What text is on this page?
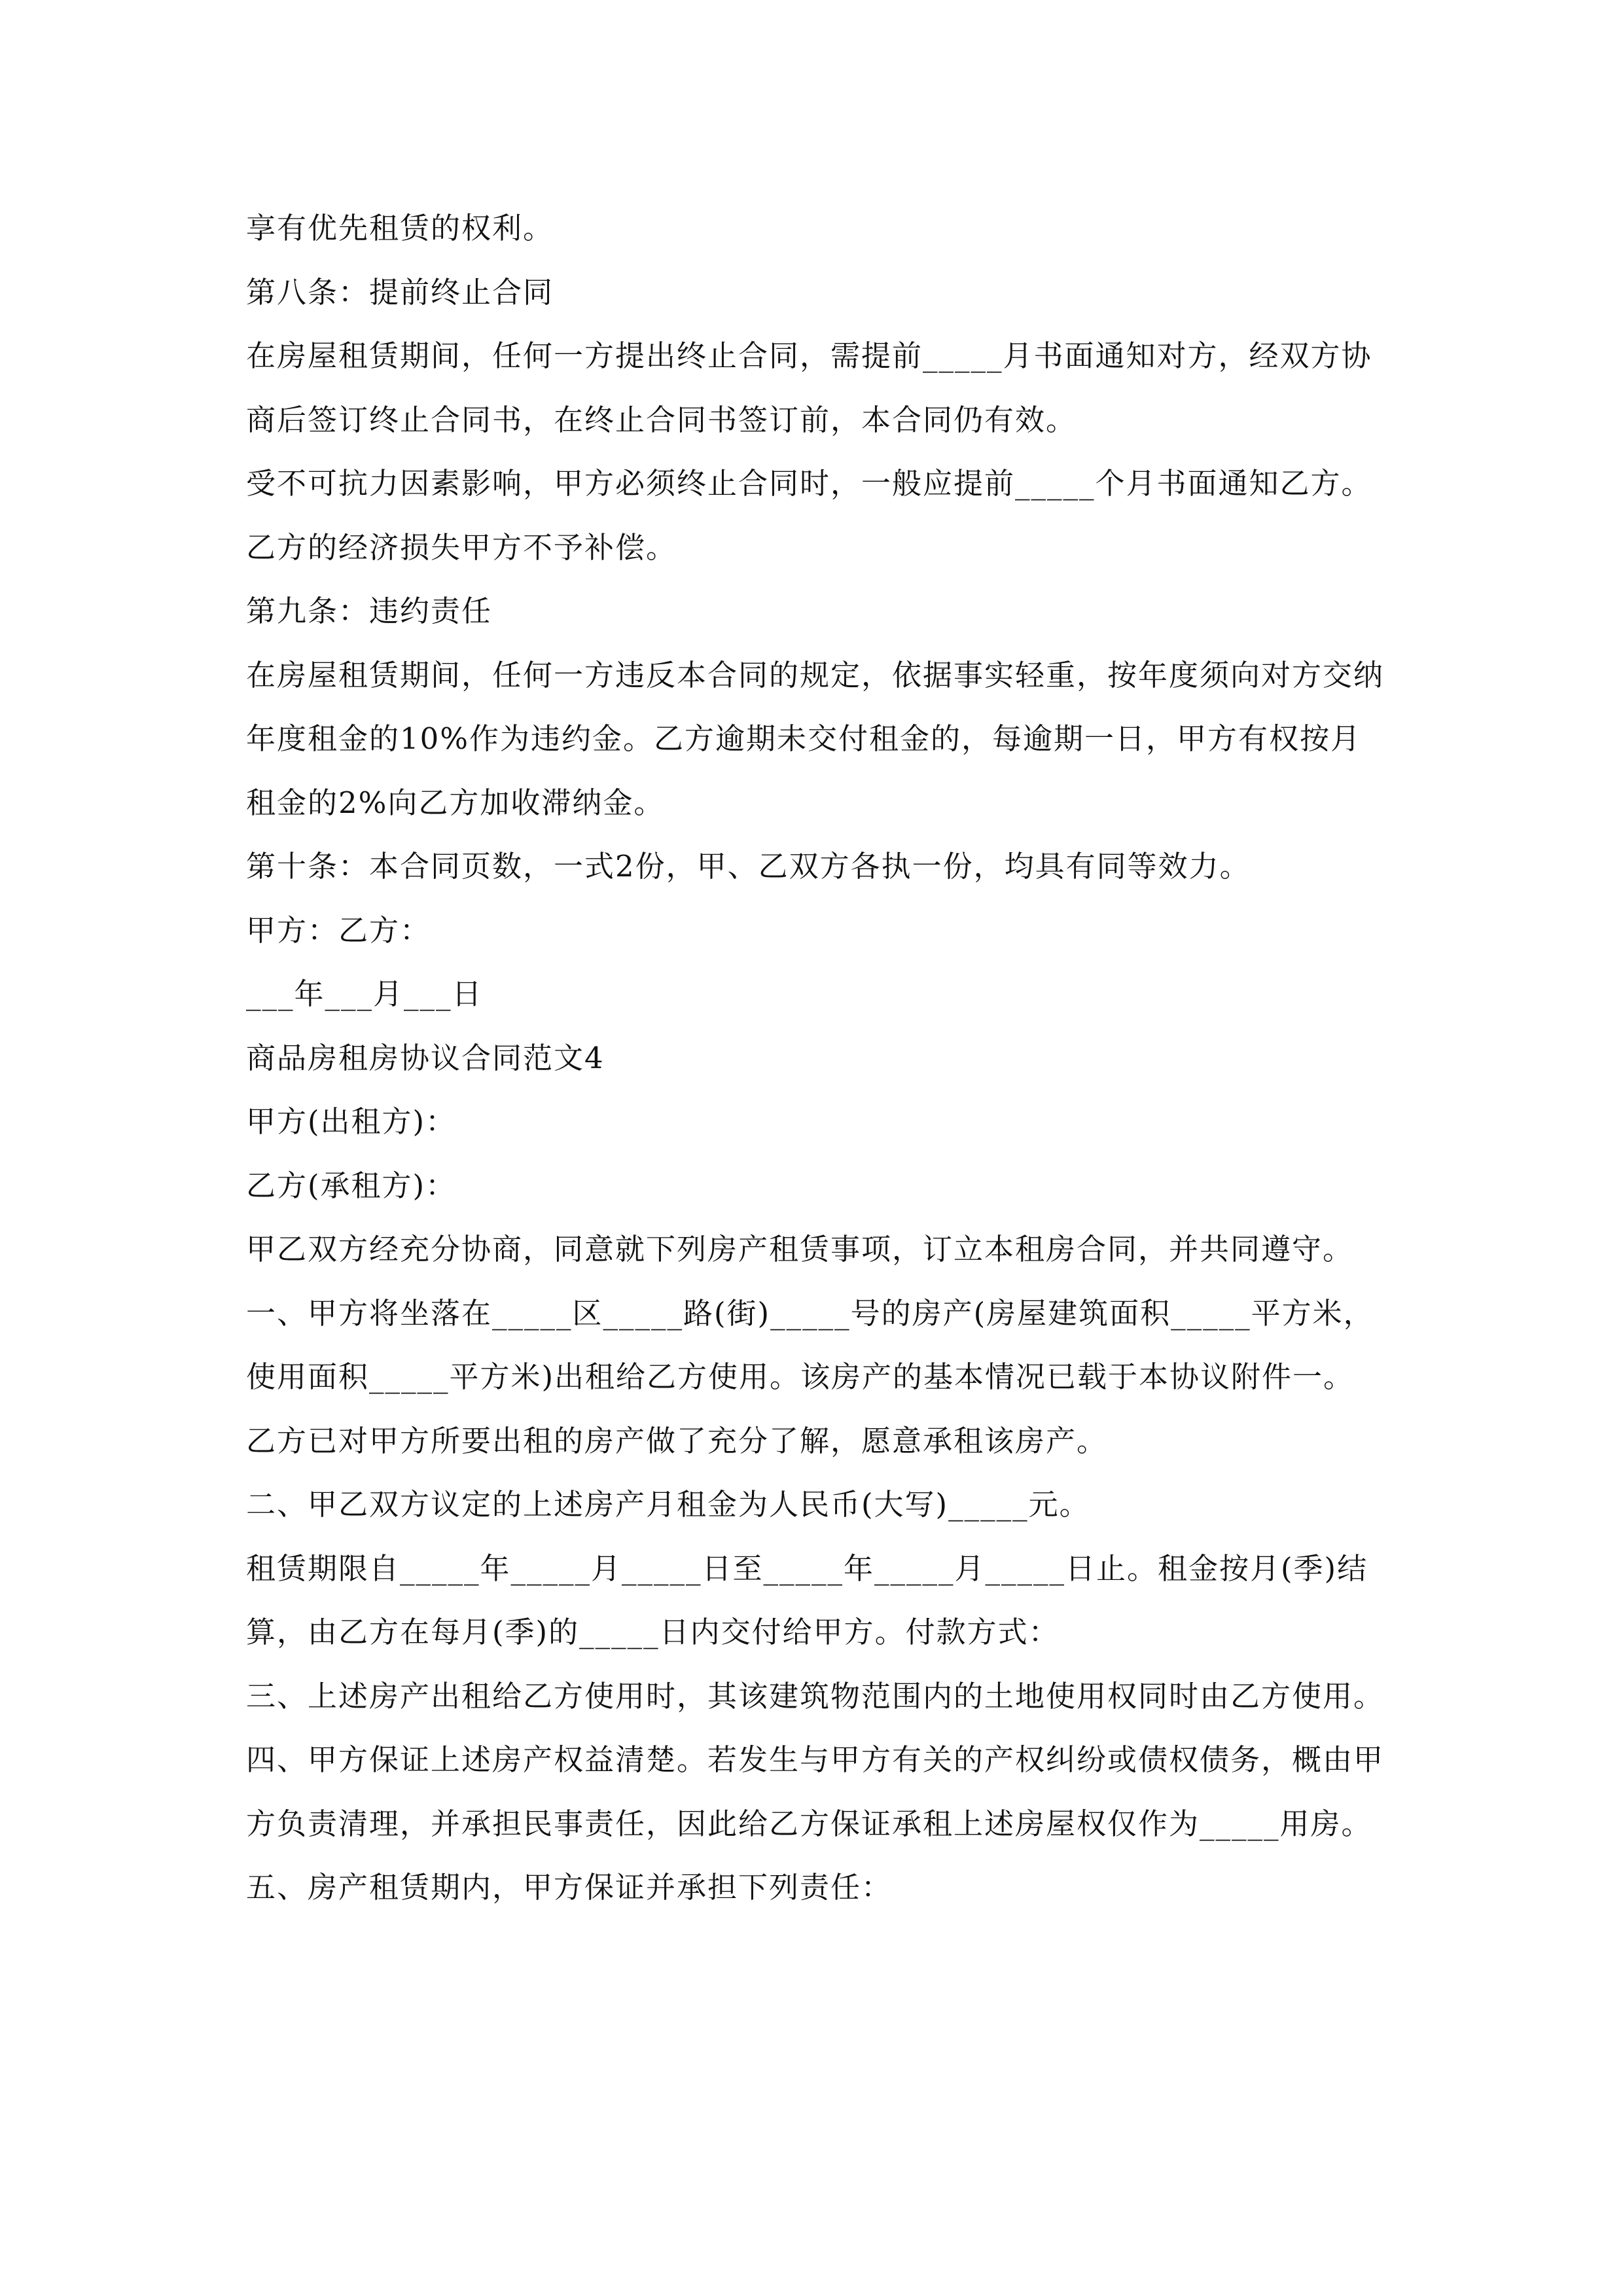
享有优先租赁的权利。

第八条：提前终止合同

在房屋租赁期间，任何一方提出终止合同，需提前_____月书面通知对方，经双方协商后签订终止合同书，在终止合同书签订前，本合同仍有效。

受不可抗力因素影响，甲方必须终止合同时，一般应提前_____个月书面通知乙方。乙方的经济损失甲方不予补偿。

第九条：违约责任

在房屋租赁期间，任何一方违反本合同的规定，依据事实轻重，按年度须向对方交纳年度租金的10%作为违约金。乙方逾期未交付租金的，每逾期一日，甲方有权按月租金的2%向乙方加收滞纳金。

第十条：本合同页数，一式2份，甲、乙双方各执一份，均具有同等效力。

甲方：乙方：

___年___月___日

商品房租房协议合同范文4

甲方(出租方)：

乙方(承租方)：

甲乙双方经充分协商，同意就下列房产租赁事项，订立本租房合同，并共同遵守。

一、甲方将坐落在_____区_____路(街)_____号的房产(房屋建筑面积_____平方米，使用面积_____平方米)出租给乙方使用。该房产的基本情况已载于本协议附件一。乙方已对甲方所要出租的房产做了充分了解，愿意承租该房产。

二、甲乙双方议定的上述房产月租金为人民币(大写)_____元。

租赁期限自_____年_____月_____日至_____年_____月_____日止。租金按月(季)结算，由乙方在每月(季)的_____日内交付给甲方。付款方式：

三、上述房产出租给乙方使用时，其该建筑物范围内的土地使用权同时由乙方使用。

四、甲方保证上述房产权益清楚。若发生与甲方有关的产权纠纷或债权债务，概由甲方负责清理，并承担民事责任，因此给乙方保证承租上述房屋权仅作为_____用房。

五、房产租赁期内，甲方保证并承担下列责任：
